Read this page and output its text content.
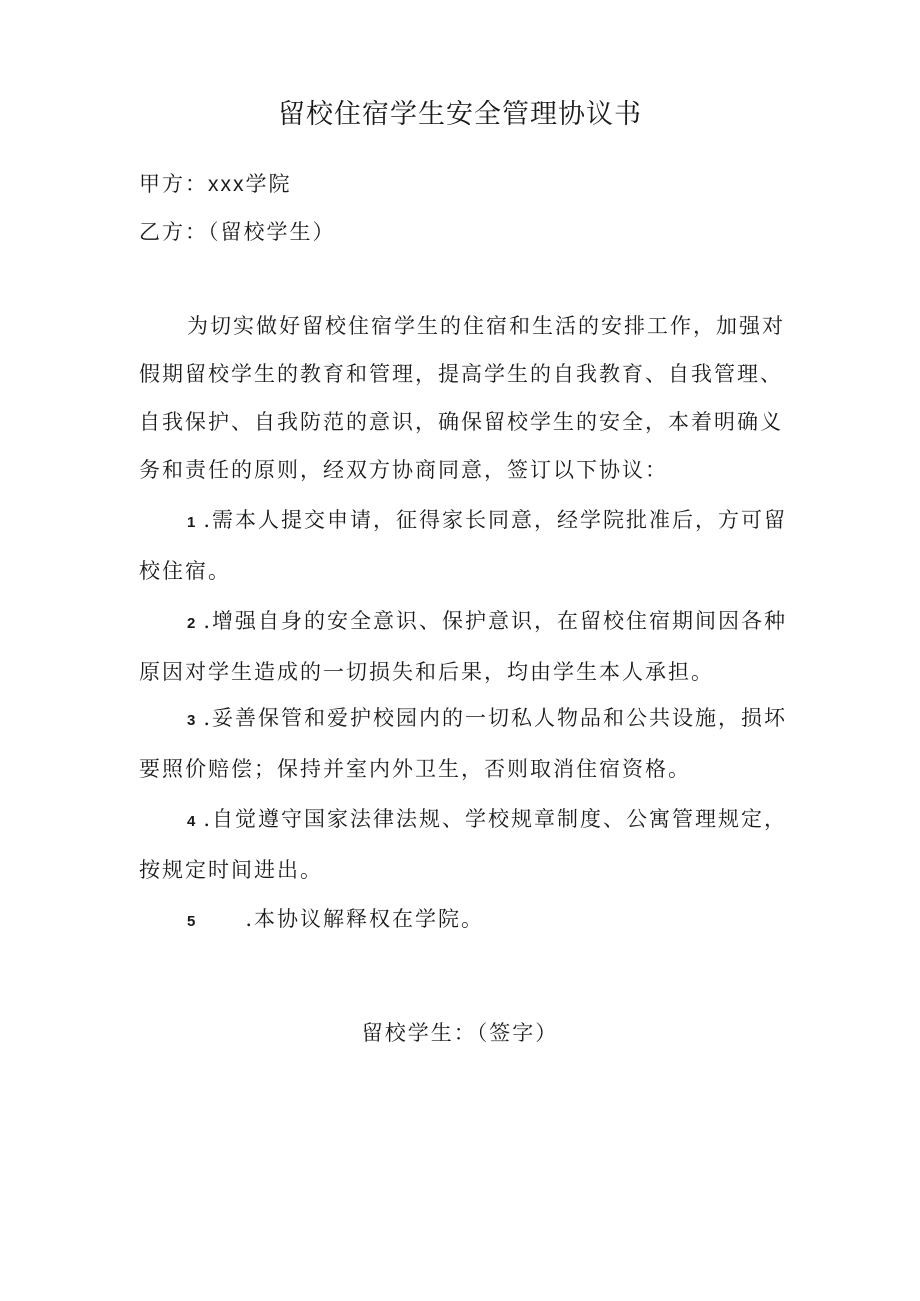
留校住宿学生安全管理协议书
甲方：xxx学院
乙方：（留校学生）
为切实做好留校住宿学生的住宿和生活的安排工作，加强对假期留校学生的教育和管理，提高学生的自我教育、自我管理、自我保护、自我防范的意识，确保留校学生的安全，本着明确义务和责任的原则，经双方协商同意，签订以下协议：
1 .需本人提交申请，征得家长同意，经学院批准后，方可留校住宿。
2 .增强自身的安全意识、保护意识，在留校住宿期间因各种原因对学生造成的一切损失和后果，均由学生本人承担。
3 .妥善保管和爱护校园内的一切私人物品和公共设施，损坏要照价赔偿；保持并室内外卫生，否则取消住宿资格。
4 .自觉遵守国家法律法规、学校规章制度、公寓管理规定，按规定时间进出。
5 .本协议解释权在学院。
留校学生：（签字）
